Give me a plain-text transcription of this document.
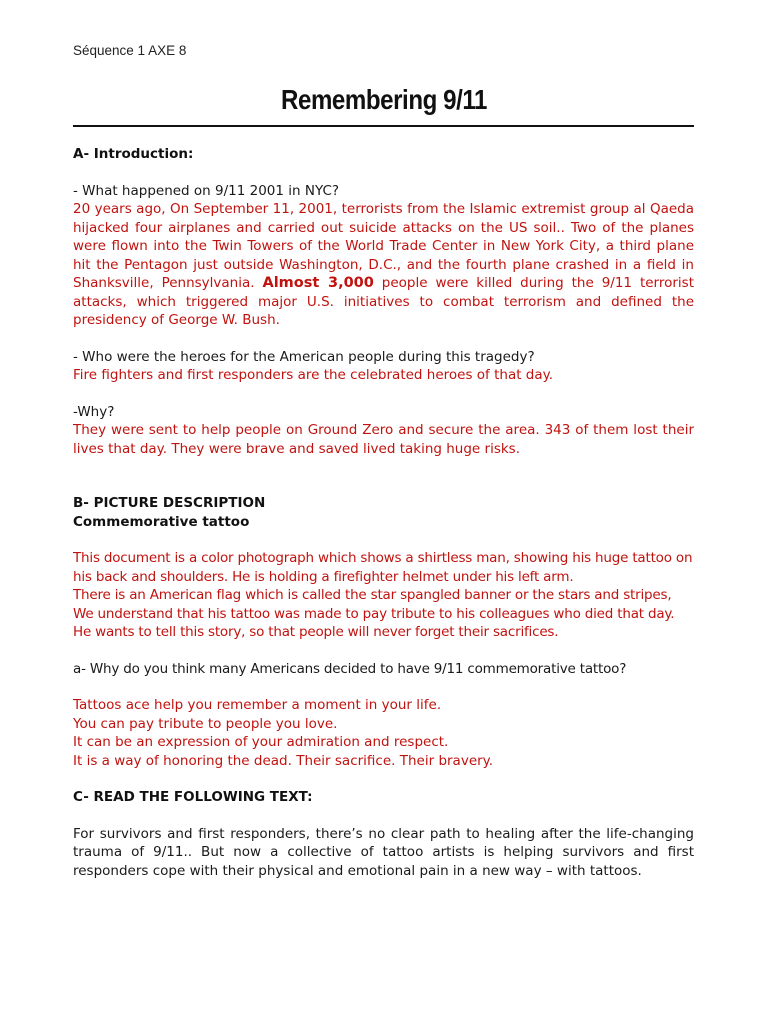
Séquence 1 AXE 8
Remembering 9/11

A- Introduction:

- What happened on 9/11 2001 in NYC?

20 years ago, On September 11, 2001, terrorists from the Islamic extremist group al Qaeda hijacked four airplanes and carried out suicide attacks on the US soil.. Two of the planes were flown into the Twin Towers of the World Trade Center in New York City, a third plane hit the Pentagon just outside Washington, D.C., and the fourth plane crashed in a field in Shanksville, Pennsylvania. Almost 3,000 people were killed during the 9/11 terrorist attacks, which triggered major U.S. initiatives to combat terrorism and defined the presidency of George W. Bush.

- Who were the heroes for the American people during this tragedy?

Fire fighters and first responders are the celebrated heroes of that day.

-Why?

They were sent to help people on Ground Zero and secure the area. 343 of them lost their lives that day. They were brave and saved lived taking huge risks.

B- PICTURE DESCRIPTION

Commemorative tattoo

This document is a color photograph which shows a shirtless man, showing his huge tattoo on his back and shoulders. He is holding a firefighter helmet under his left arm.

There is an American flag which is called the star spangled banner or the stars and stripes,

We understand that his tattoo was made to pay tribute to his colleagues who died that day. He wants to tell this story, so that people will never forget their sacrifices.

a- Why do you think many Americans decided to have 9/11 commemorative tattoo?

Tattoos ace help you remember a moment in your life.

You can pay tribute to people you love.

It can be an expression of your admiration and respect.

It is a way of honoring the dead. Their sacrifice. Their bravery.

C- READ THE FOLLOWING TEXT:

For survivors and first responders, there’s no clear path to healing after the life-changing trauma of 9/11.. But now a collective of tattoo artists is helping survivors and first responders cope with their physical and emotional pain in a new way – with tattoos.
